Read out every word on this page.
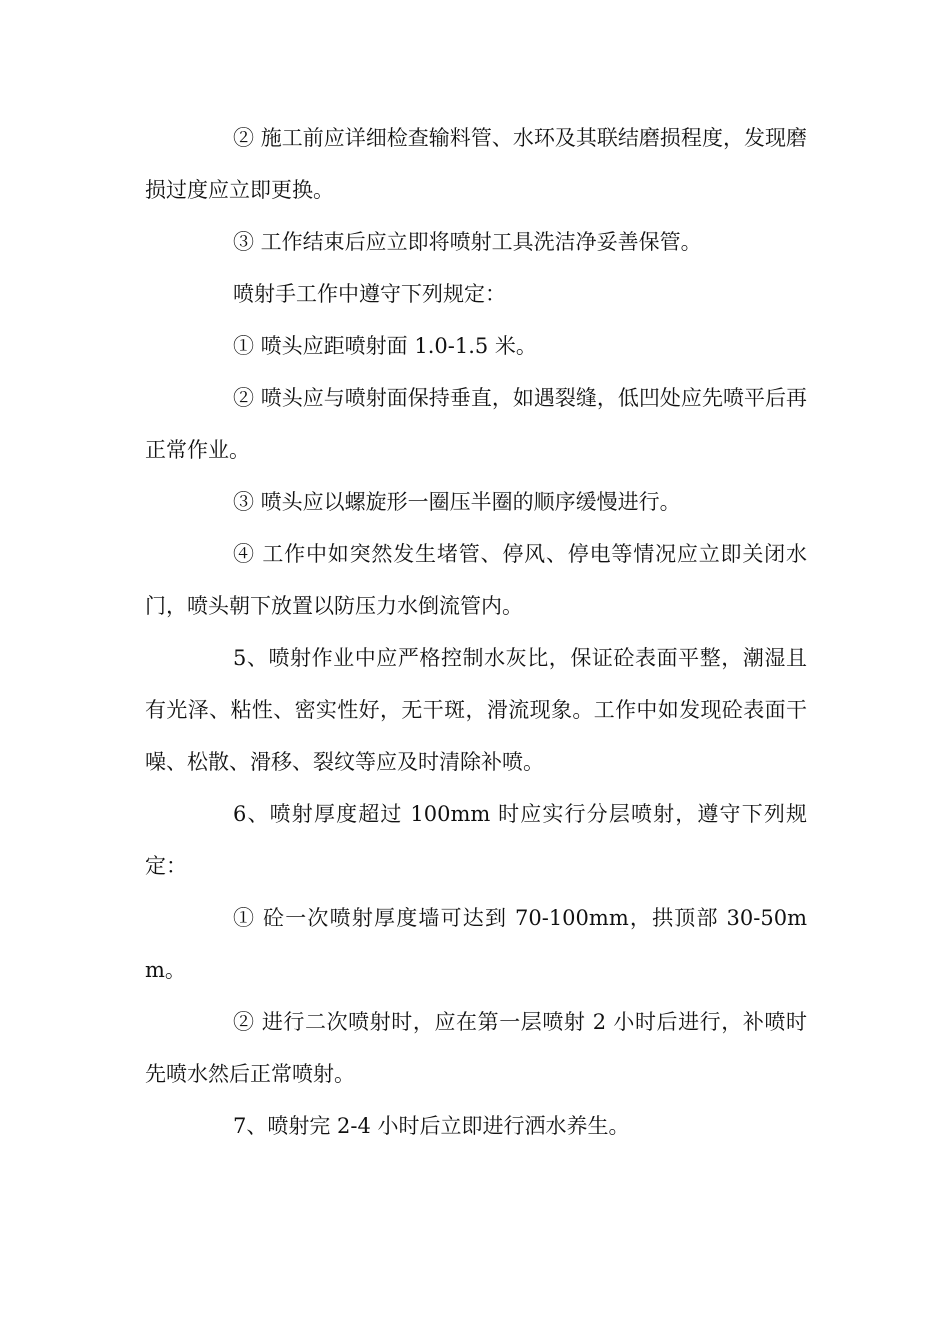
② 施工前应详细检查输料管、水环及其联结磨损程度，发现磨损过度应立即更换。

③ 工作结束后应立即将喷射工具洗洁净妥善保管。

喷射手工作中遵守下列规定：

① 喷头应距喷射面 1.0-1.5 米。

② 喷头应与喷射面保持垂直，如遇裂缝，低凹处应先喷平后再正常作业。

③ 喷头应以螺旋形一圈压半圈的顺序缓慢进行。

④ 工作中如突然发生堵管、停风、停电等情况应立即关闭水门，喷头朝下放置以防压力水倒流管内。

5、喷射作业中应严格控制水灰比，保证砼表面平整，潮湿且有光泽、粘性、密实性好，无干斑，滑流现象。工作中如发现砼表面干噪、松散、滑移、裂纹等应及时清除补喷。

6、喷射厚度超过 100mm 时应实行分层喷射，遵守下列规定：

① 砼一次喷射厚度墙可达到 70-100mm，拱顶部 30-50mm。

② 进行二次喷射时，应在第一层喷射 2 小时后进行，补喷时先喷水然后正常喷射。

7、喷射完 2-4 小时后立即进行洒水养生。
